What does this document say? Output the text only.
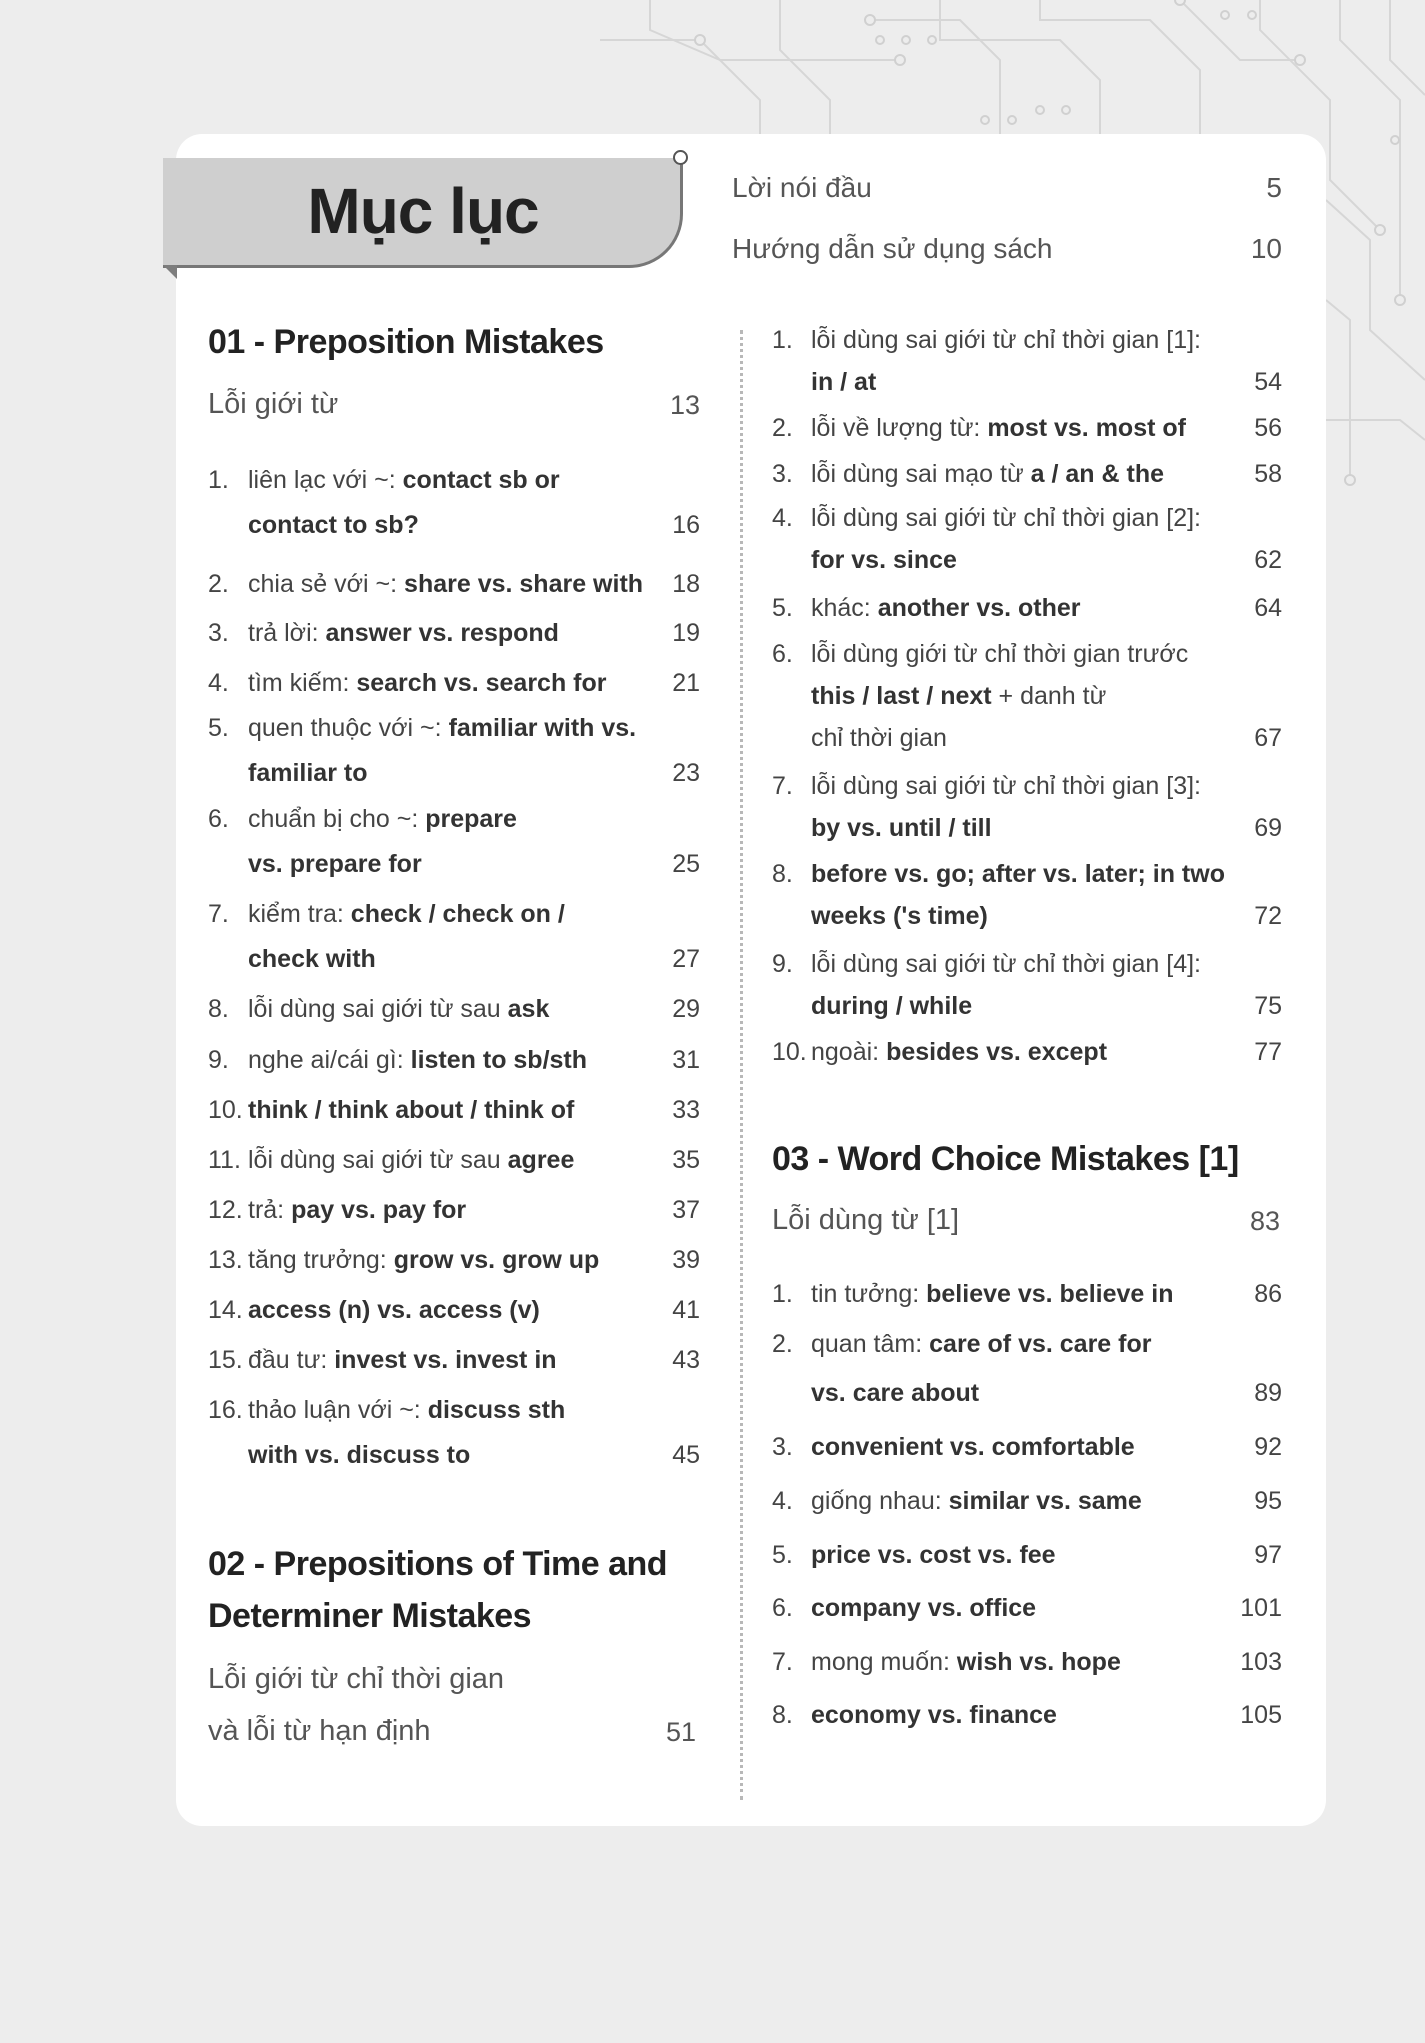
Mục lục	Lời nói đầu	5
Hướng dẫn sử dụng sách	10
01 - Preposition Mistakes
Lỗi giới từ	13
1. liên lạc với ~: contact sb or
contact to sb?	16
2. chia sẻ với ~: share vs. share with	18
3. trả lời: answer vs. respond	19
4. tìm kiếm: search vs. search for	21
5. quen thuộc với ~: familiar with vs.
familiar to	23
6. chuẩn bị cho ~: prepare
vs. prepare for	25
7. kiểm tra: check / check on /
check with	27
8. lỗi dùng sai giới từ sau ask	29
9. nghe ai/cái gì: listen to sb/sth	31
10. think / think about / think of	33
11. lỗi dùng sai giới từ sau agree	35
12. trả: pay vs. pay for	37
13. tăng trưởng: grow vs. grow up	39
14. access (n) vs. access (v)	41
15. đầu tư: invest vs. invest in	43
16. thảo luận với ~: discuss sth
with vs. discuss to	45
02 - Prepositions of Time and
Determiner Mistakes
Lỗi giới từ chỉ thời gian
và lỗi từ hạn định	51
1. lỗi dùng sai giới từ chỉ thời gian [1]:
in / at	54
2. lỗi về lượng từ: most vs. most of	56
3. lỗi dùng sai mạo từ a / an & the	58
4. lỗi dùng sai giới từ chỉ thời gian [2]:
for vs. since	62
5. khác: another vs. other	64
6. lỗi dùng giới từ chỉ thời gian trước
this / last / next + danh từ
chỉ thời gian	67
7. lỗi dùng sai giới từ chỉ thời gian [3]:
by vs. until / till	69
8. before vs. go; after vs. later; in two
weeks ('s time)	72
9. lỗi dùng sai giới từ chỉ thời gian [4]:
during / while	75
10. ngoài: besides vs. except	77
03 - Word Choice Mistakes [1]
Lỗi dùng từ [1]	83
1. tin tưởng: believe vs. believe in	86
2. quan tâm: care of vs. care for
vs. care about	89
3. convenient vs. comfortable	92
4. giống nhau: similar vs. same	95
5. price vs. cost vs. fee	97
6. company vs. office	101
7. mong muốn: wish vs. hope	103
8. economy vs. finance	105
